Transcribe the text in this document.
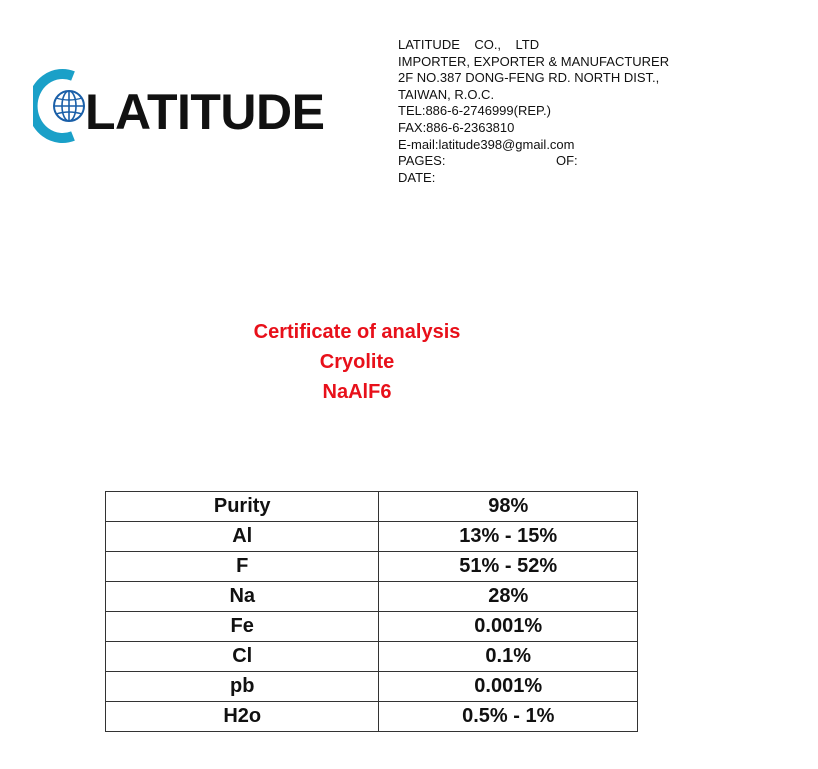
LATITUDE
LATITUDE    CO.,    LTD
IMPORTER, EXPORTER & MANUFACTURER
2F NO.387 DONG-FENG RD. NORTH DIST.,
TAIWAN, R.O.C.
TEL:886-6-2746999(REP.)
FAX:886-6-2363810
E-mail:latitude398@gmail.com
PAGES:	OF:
DATE:
Certificate of analysis
Cryolite
NaAlF6
Purity	98%
Al	13% - 15%
F	51% - 52%
Na	28%
Fe	0.001%
Cl	0.1%
pb	0.001%
H2o	0.5% - 1%
